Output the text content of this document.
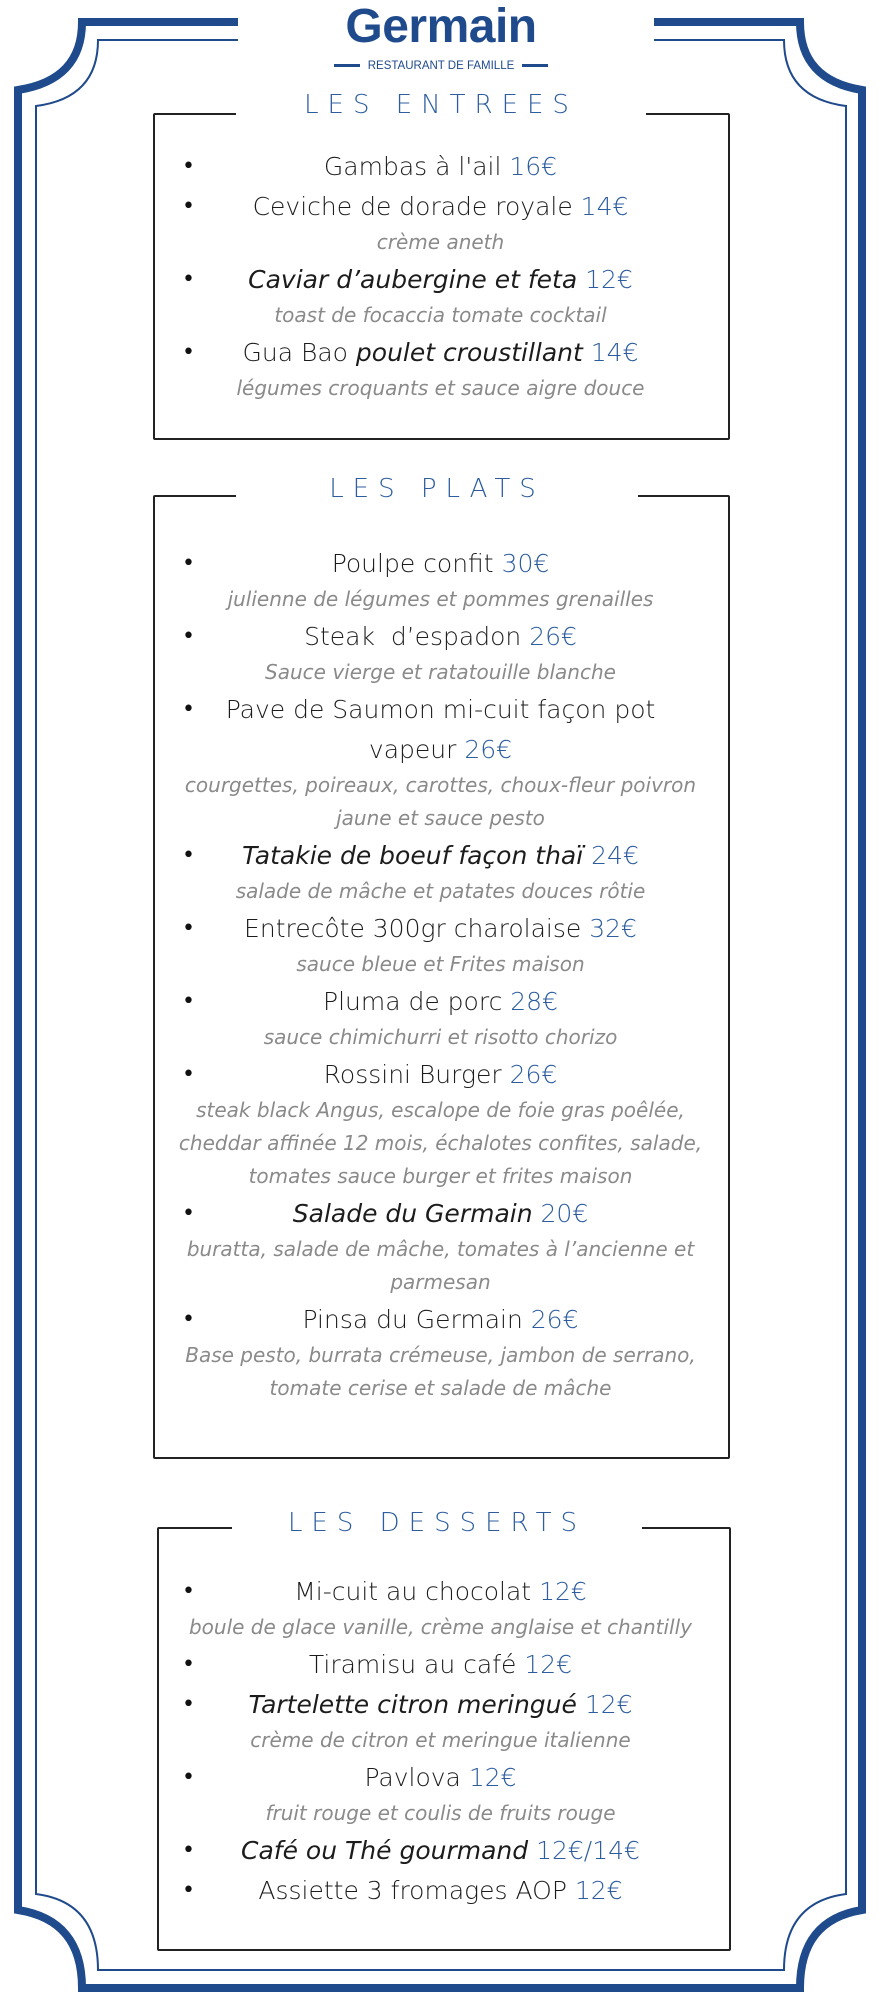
Germain
RESTAURANT DE FAMILLE
LES ENTREES
•	Gambas à l'ail 16€
•	Ceviche de dorade royale 14€
crème aneth
•	Caviar d’aubergine et feta 12€
toast de focaccia tomate cocktail
•	Gua Bao poulet croustillant 14€
légumes croquants et sauce aigre douce
LES PLATS
•	Poulpe confit 30€
julienne de légumes et pommes grenailles
•	Steak  d’espadon 26€
Sauce vierge et ratatouille blanche
•	Pave de Saumon mi-cuit façon pot
vapeur 26€
courgettes, poireaux, carottes, choux-fleur poivron
jaune et sauce pesto
•	Tatakie de boeuf façon thaï 24€
salade de mâche et patates douces rôtie
•	Entrecôte 300gr charolaise 32€
sauce bleue et Frites maison
•	Pluma de porc 28€
sauce chimichurri et risotto chorizo
•	Rossini Burger 26€
steak black Angus, escalope de foie gras poêlée,
cheddar affinée 12 mois, échalotes confites, salade,
tomates sauce burger et frites maison
•	Salade du Germain 20€
buratta, salade de mâche, tomates à l’ancienne et
parmesan
•	Pinsa du Germain 26€
Base pesto, burrata crémeuse, jambon de serrano,
tomate cerise et salade de mâche
LES DESSERTS
•	Mi-cuit au chocolat 12€
boule de glace vanille, crème anglaise et chantilly
•	Tiramisu au café 12€
•	Tartelette citron meringué 12€
crème de citron et meringue italienne
•	Pavlova 12€
fruit rouge et coulis de fruits rouge
•	Café ou Thé gourmand 12€/14€
•	Assiette 3 fromages AOP 12€
